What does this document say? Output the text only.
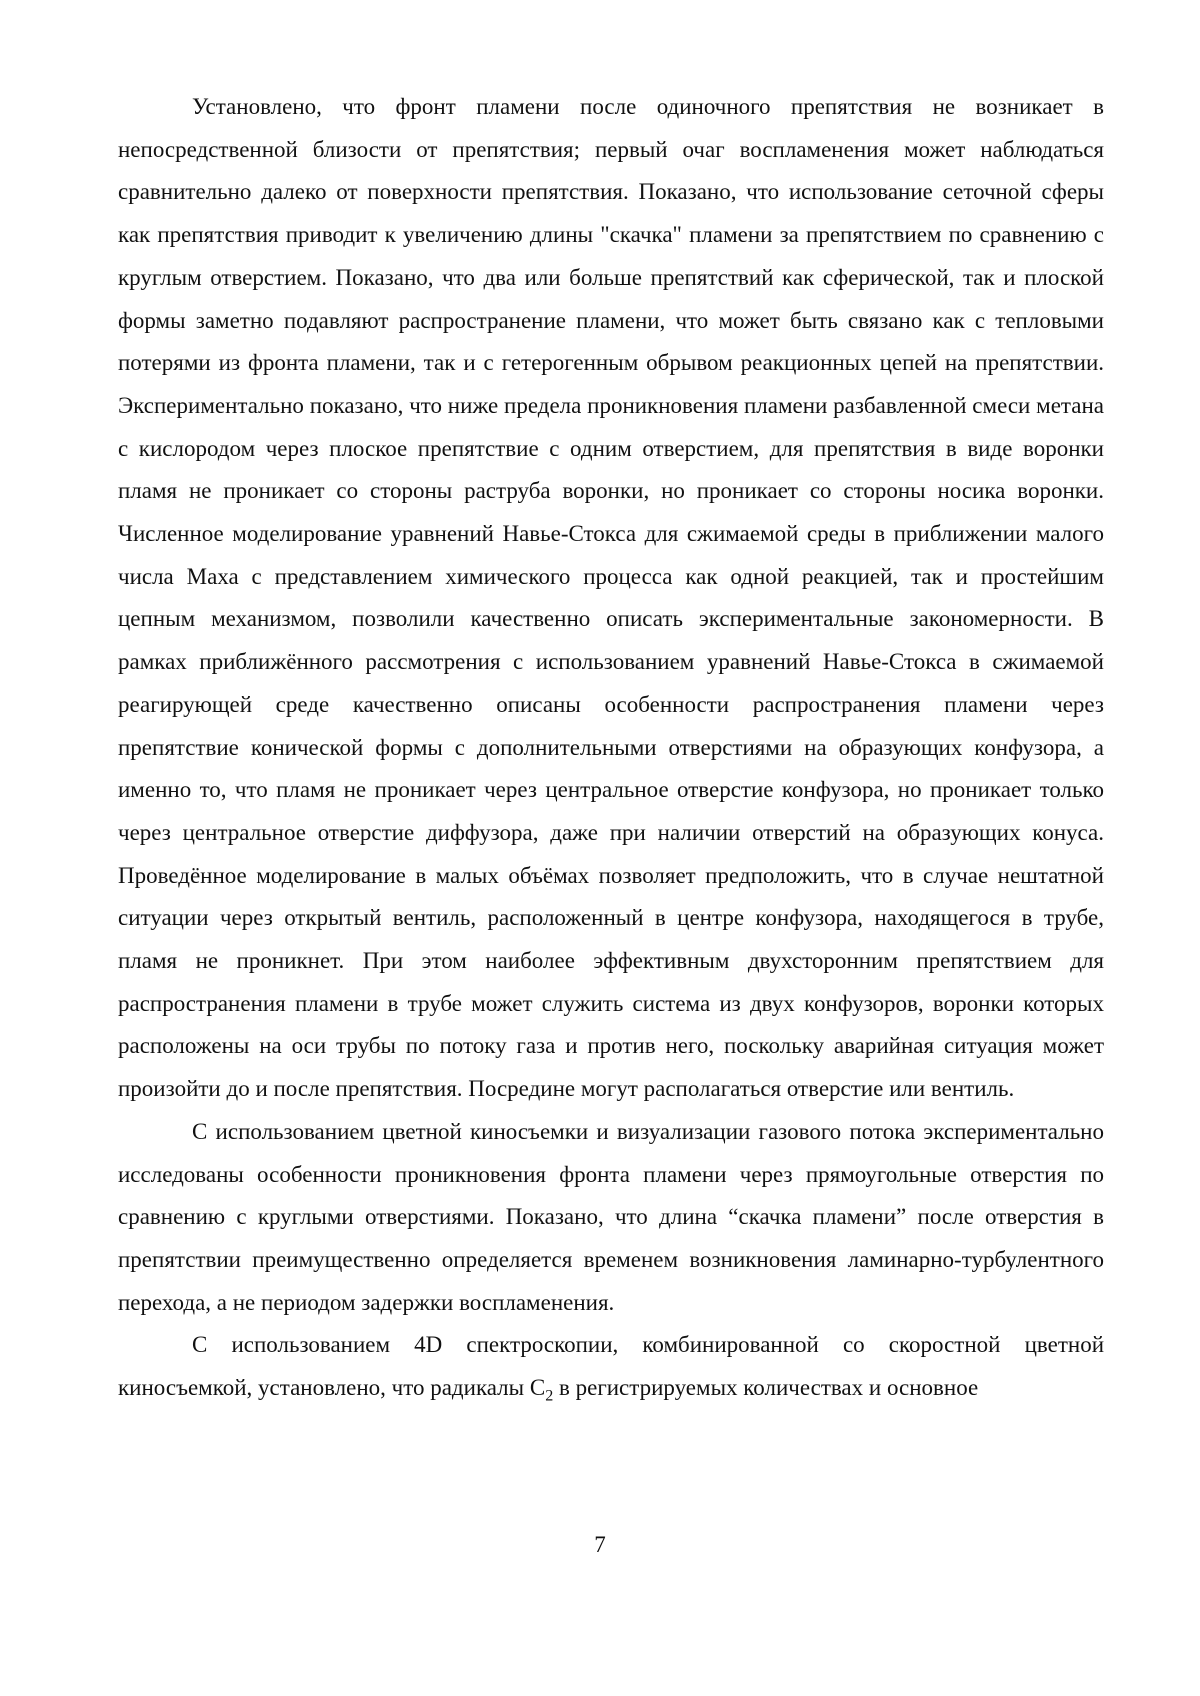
Установлено, что фронт пламени после одиночного препятствия не возникает в непосредственной близости от препятствия; первый очаг воспламенения может наблюдаться сравнительно далеко от поверхности препятствия. Показано, что использование сеточной сферы как препятствия приводит к увеличению длины "скачка" пламени за препятствием по сравнению с круглым отверстием. Показано, что два или больше препятствий как сферической, так и плоской формы заметно подавляют распространение пламени, что может быть связано как с тепловыми потерями из фронта пламени, так и с гетерогенным обрывом реакционных цепей на препятствии. Экспериментально показано, что ниже предела проникновения пламени разбавленной смеси метана с кислородом через плоское препятствие с одним отверстием, для препятствия в виде воронки пламя не проникает со стороны раструба воронки, но проникает со стороны носика воронки. Численное моделирование уравнений Навье-Стокса для сжимаемой среды в приближении малого числа Маха с представлением химического процесса как одной реакцией, так и простейшим цепным механизмом, позволили качественно описать экспериментальные закономерности. В рамках приближённого рассмотрения с использованием уравнений Навье-Стокса в сжимаемой реагирующей среде качественно описаны особенности распространения пламени через препятствие конической формы с дополнительными отверстиями на образующих конфузора, а именно то, что пламя не проникает через центральное отверстие конфузора, но проникает только через центральное отверстие диффузора, даже при наличии отверстий на образующих конуса. Проведённое моделирование в малых объёмах позволяет предположить, что в случае нештатной ситуации через открытый вентиль, расположенный в центре конфузора, находящегося в трубе, пламя не проникнет. При этом наиболее эффективным двухсторонним препятствием для распространения пламени в трубе может служить система из двух конфузоров, воронки которых расположены на оси трубы по потоку газа и против него, поскольку аварийная ситуация может произойти до и после препятствия. Посредине могут располагаться отверстие или вентиль.

С использованием цветной киносъемки и визуализации газового потока экспериментально исследованы особенности проникновения фронта пламени через прямоугольные отверстия по сравнению с круглыми отверстиями. Показано, что длина “скачка пламени” после отверстия в препятствии преимущественно определяется временем возникновения ламинарно-турбулентного перехода, а не периодом задержки воспламенения.

С использованием 4D спектроскопии, комбинированной со скоростной цветной киносъемкой, установлено, что радикалы $C_2$ в регистрируемых количествах и основное

7
